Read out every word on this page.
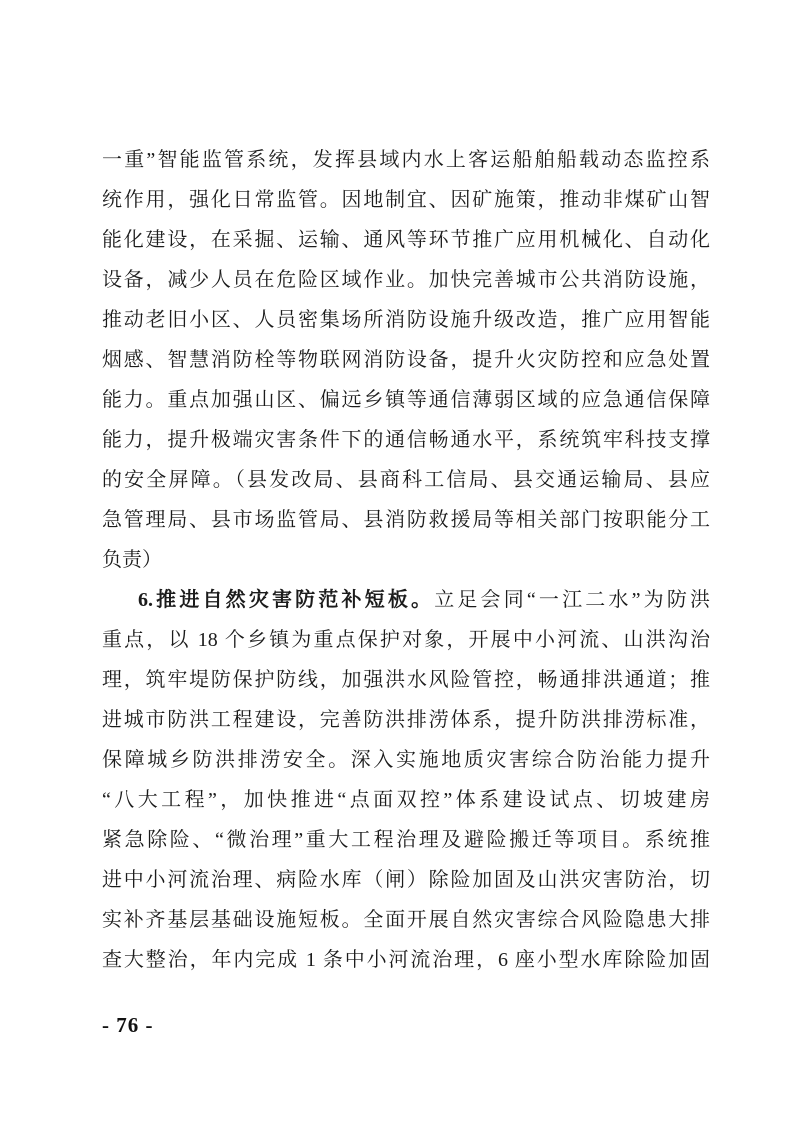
一重”智能监管系统，发挥县域内水上客运船舶船载动态监控系
统作用，强化日常监管。因地制宜、因矿施策，推动非煤矿山智
能化建设，在采掘、运输、通风等环节推广应用机械化、自动化
设备，减少人员在危险区域作业。加快完善城市公共消防设施，
推动老旧小区、人员密集场所消防设施升级改造，推广应用智能
烟感、智慧消防栓等物联网消防设备，提升火灾防控和应急处置
能力。重点加强山区、偏远乡镇等通信薄弱区域的应急通信保障
能力，提升极端灾害条件下的通信畅通水平，系统筑牢科技支撑
的安全屏障。（县发改局、县商科工信局、县交通运输局、县应
急管理局、县市场监管局、县消防救援局等相关部门按职能分工
负责）
6.推进自然灾害防范补短板。立足会同“一江二水”为防洪
重点，以 18 个乡镇为重点保护对象，开展中小河流、山洪沟治
理，筑牢堤防保护防线，加强洪水风险管控，畅通排洪通道；推
进城市防洪工程建设，完善防洪排涝体系，提升防洪排涝标准，
保障城乡防洪排涝安全。深入实施地质灾害综合防治能力提升
“八大工程”，加快推进“点面双控”体系建设试点、切坡建房
紧急除险、“微治理”重大工程治理及避险搬迁等项目。系统推
进中小河流治理、病险水库（闸）除险加固及山洪灾害防治，切
实补齐基层基础设施短板。全面开展自然灾害综合风险隐患大排
查大整治，年内完成 1 条中小河流治理，6 座小型水库除险加固
- 76 -
